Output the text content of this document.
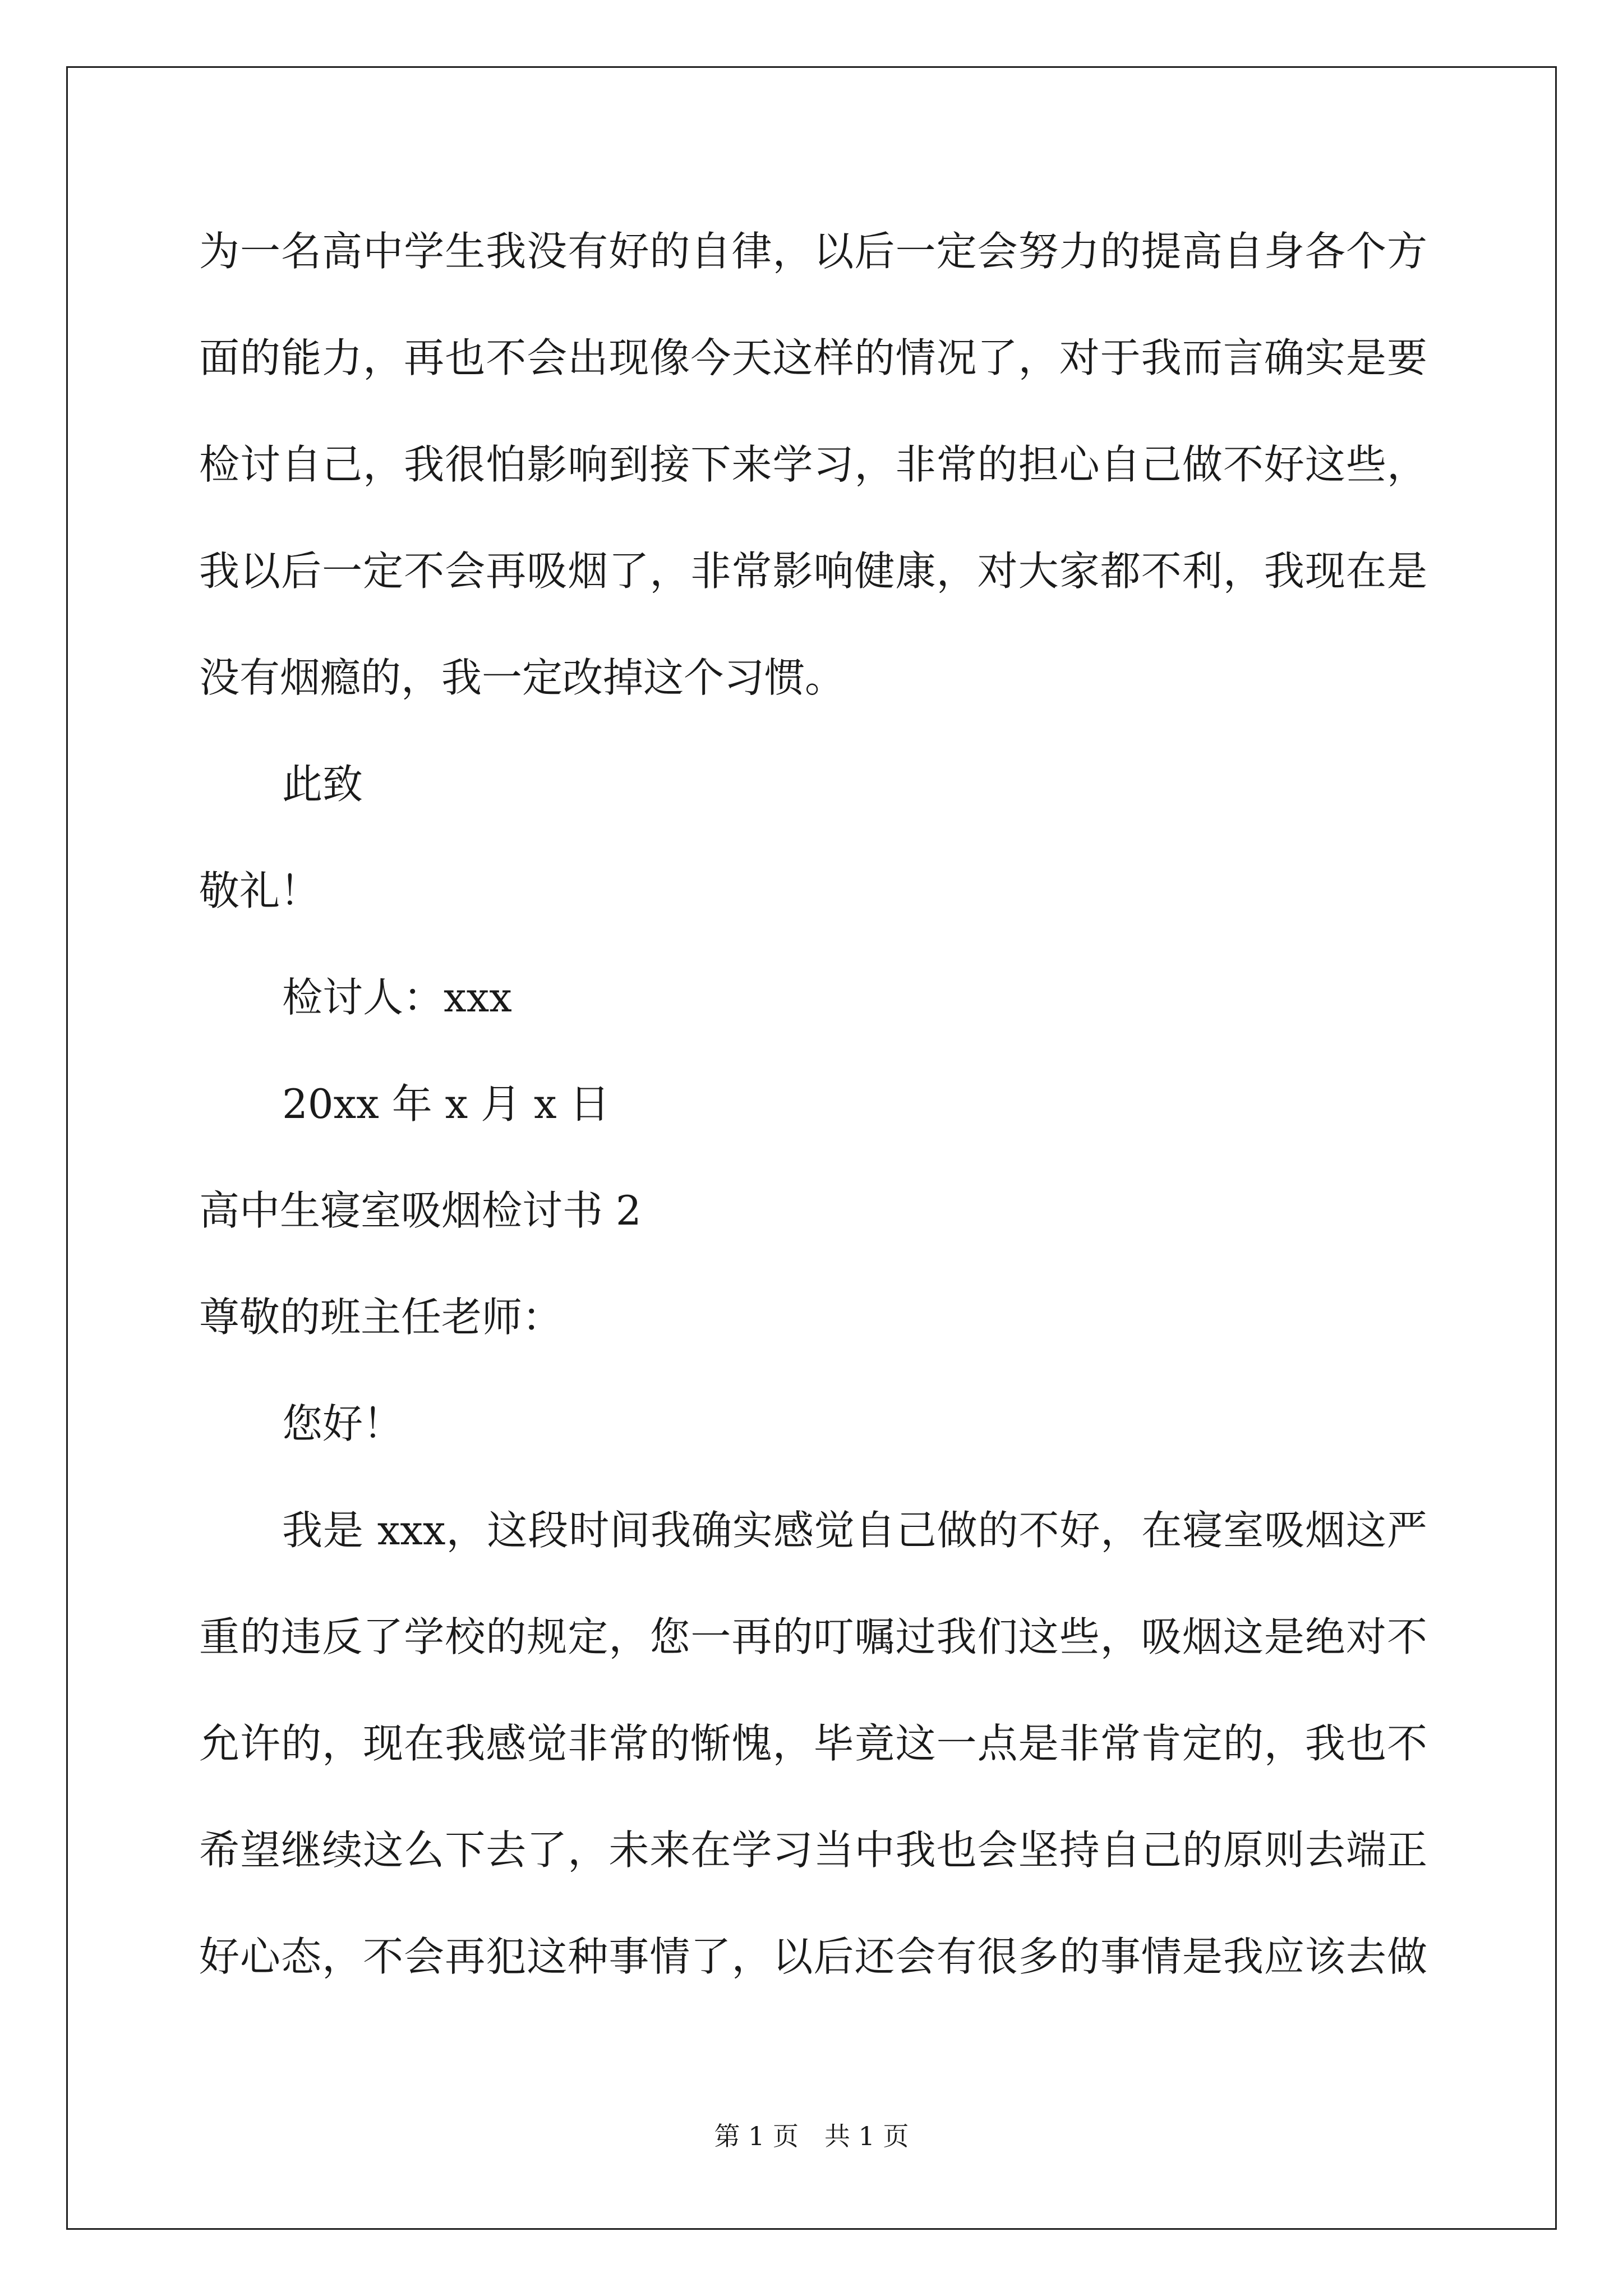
为一名高中学生我没有好的自律，以后一定会努力的提高自身各个方
面的能力，再也不会出现像今天这样的情况了，对于我而言确实是要
检讨自己，我很怕影响到接下来学习，非常的担心自己做不好这些，
我以后一定不会再吸烟了，非常影响健康，对大家都不利，我现在是
没有烟瘾的，我一定改掉这个习惯。
此致
敬礼！
检讨人：xxx
20xx 年 x 月 x 日
高中生寝室吸烟检讨书 2
尊敬的班主任老师：
您好！
我是 xxx，这段时间我确实感觉自己做的不好，在寝室吸烟这严
重的违反了学校的规定，您一再的叮嘱过我们这些，吸烟这是绝对不
允许的，现在我感觉非常的惭愧，毕竟这一点是非常肯定的，我也不
希望继续这么下去了，未来在学习当中我也会坚持自己的原则去端正
好心态，不会再犯这种事情了，以后还会有很多的事情是我应该去做
第 1 页　共 1 页
